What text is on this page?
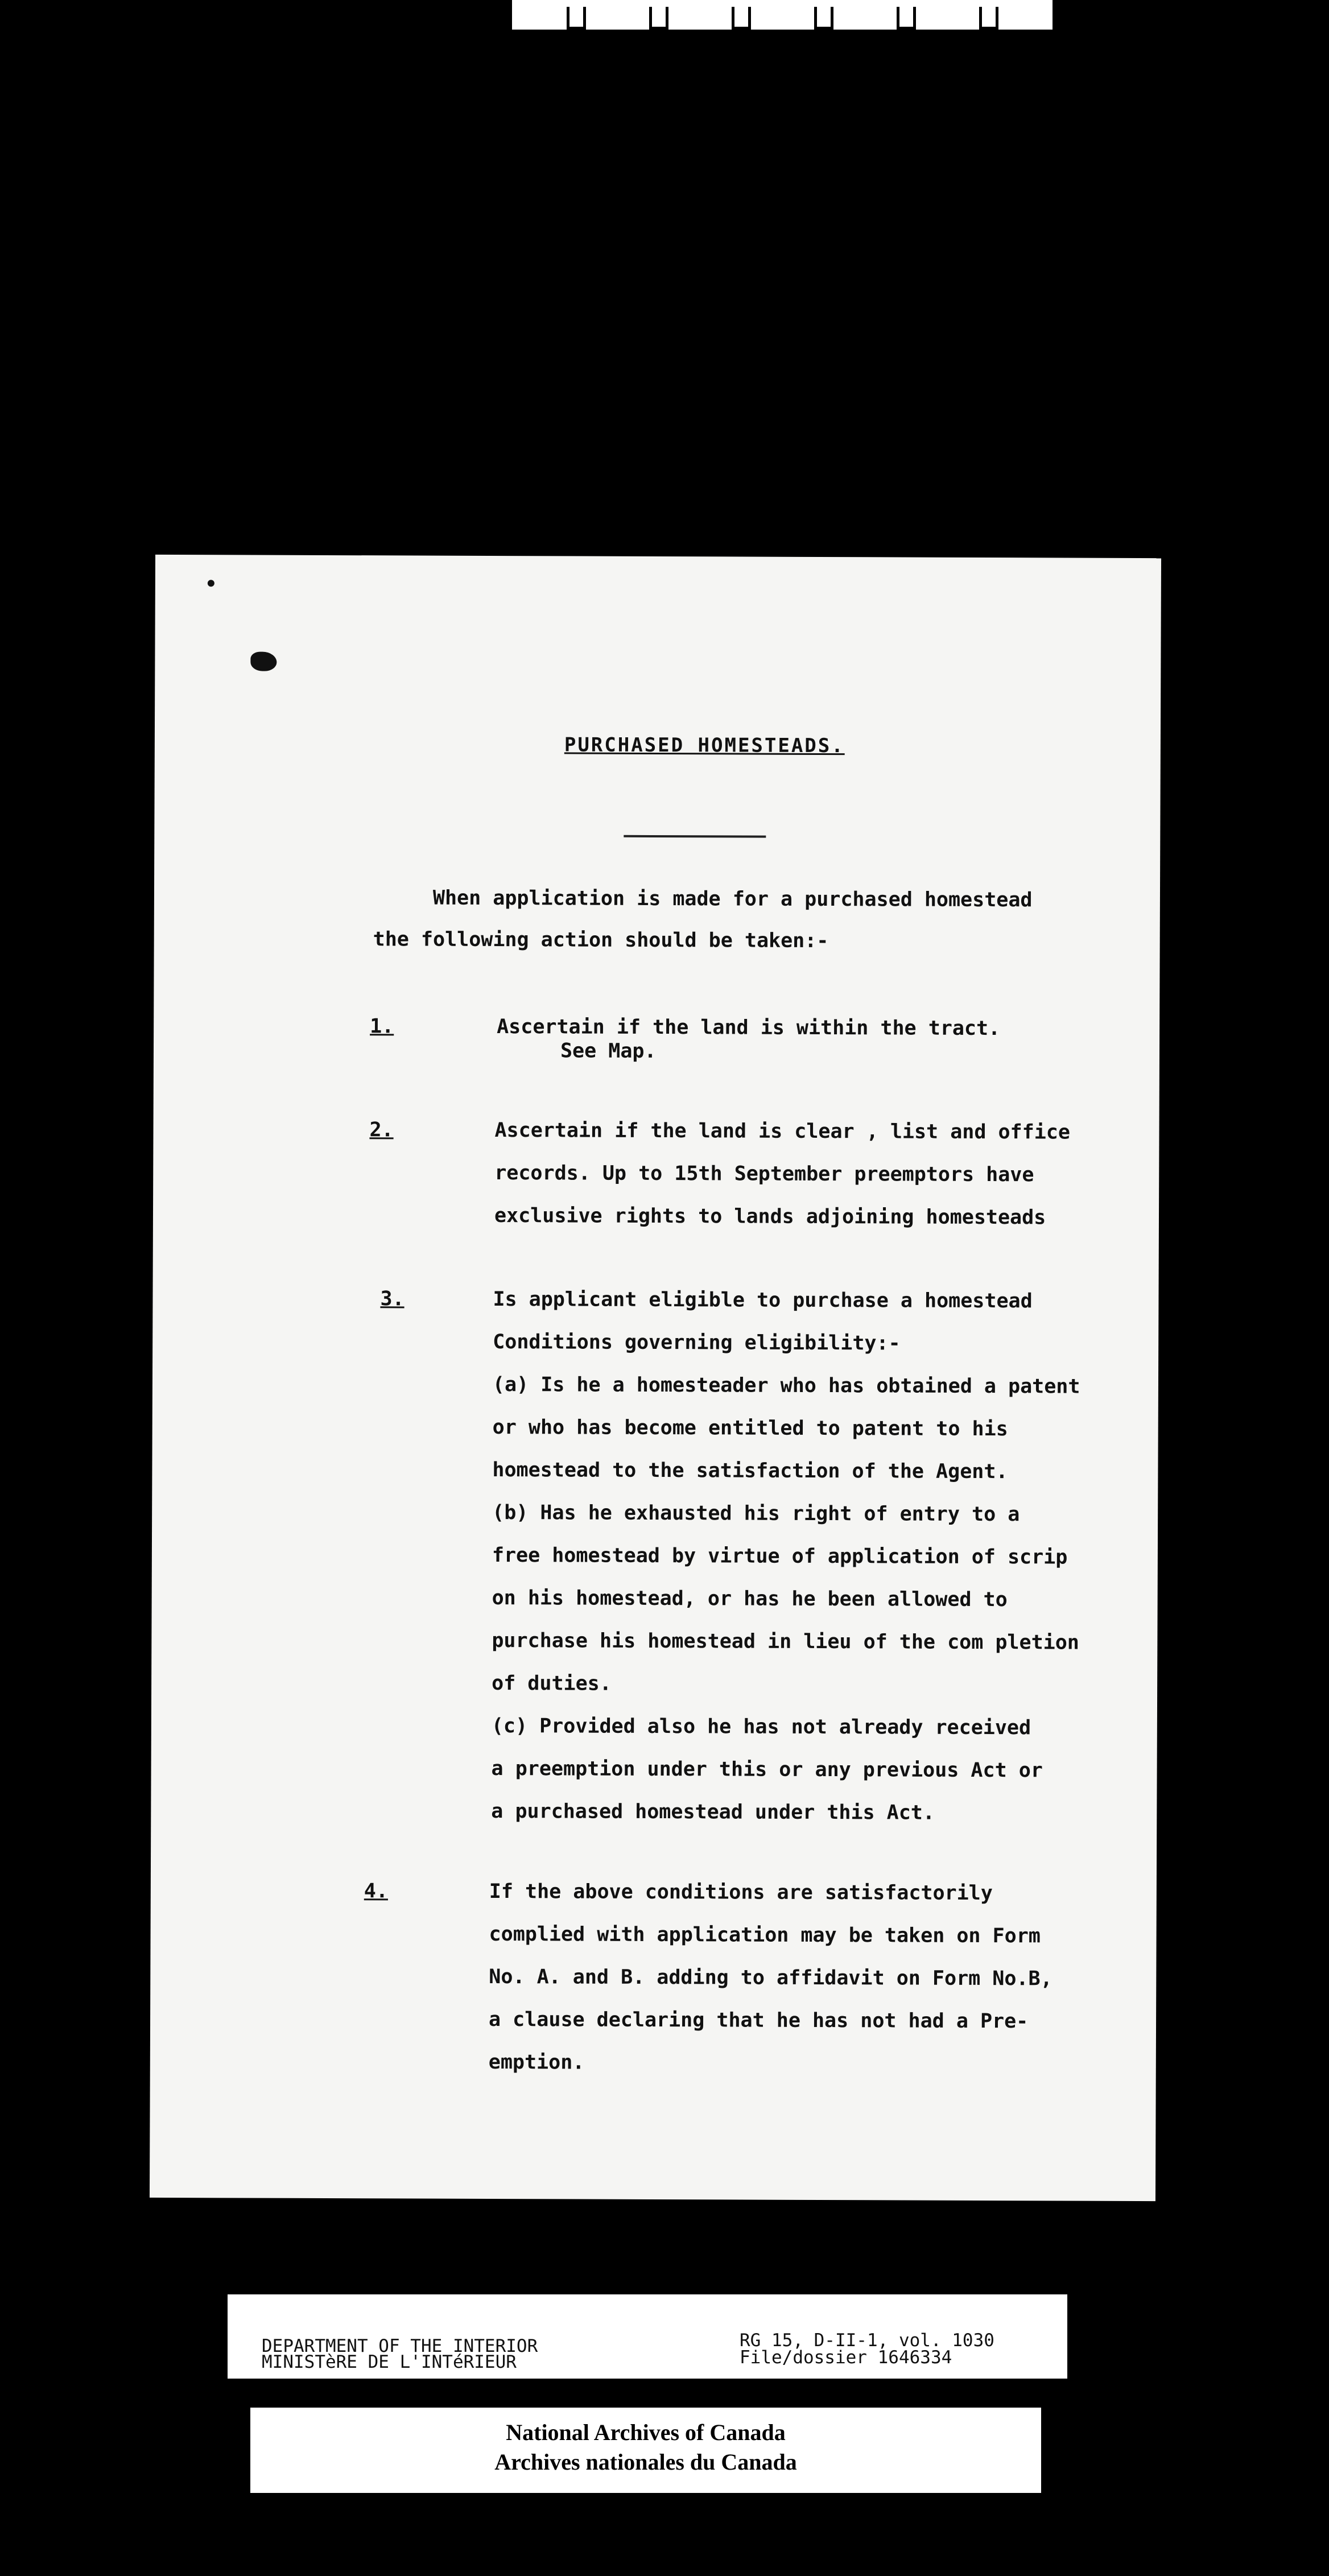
PURCHASED HOMESTEADS.
When application is made for a purchased homestead
the following action should be taken:-
1.	Ascertain if the land is within the tract.
See Map.
2.	Ascertain if the land is clear , list and office
records. Up to 15th September preemptors have
exclusive rights to lands adjoining homesteads
3.	Is applicant eligible to purchase a homestead
Conditions governing eligibility:-
(a) Is he a homesteader who has obtained a patent
or who has become entitled to patent to his
homestead to the satisfaction of the Agent.
(b) Has he exhausted his right of entry to a
free homestead by virtue of application of scrip
on his homestead, or has he been allowed to
purchase his homestead in lieu of the com pletion
of duties.
(c) Provided also he has not already received
a preemption under this or any previous Act or
a purchased homestead under this Act.
4.	If the above conditions are satisfactorily
complied with application may be taken on Form
No. A. and B. adding to affidavit on Form No.B,
a clause declaring that he has not had a Pre-
emption.
DEPARTMENT OF THE INTERIOR
MINISTèRE DE L'INTéRIEUR
RG 15, D-II-1, vol. 1030
File/dossier 1646334
National Archives of Canada
Archives nationales du Canada
